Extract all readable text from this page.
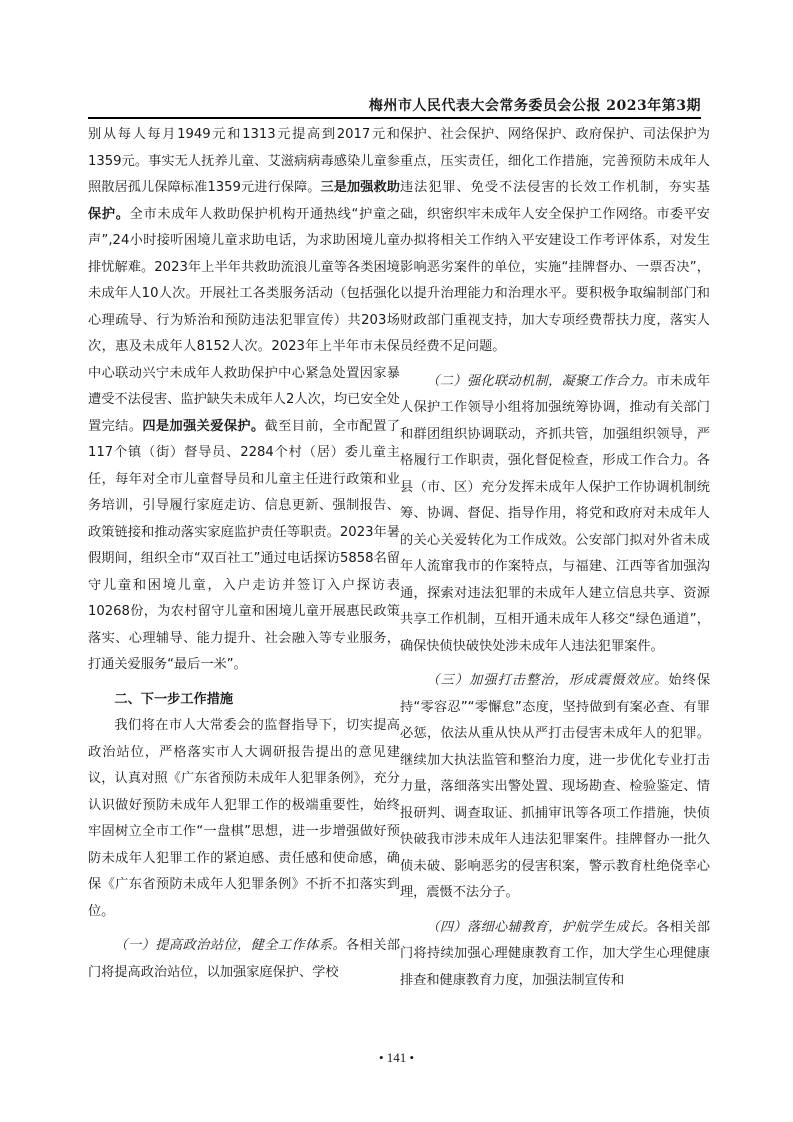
梅州市人民代表大会常务委员会公报 2023年第3期

别从每人每月1949元和1313元提高到2017元和1359元。事实无人抚养儿童、艾滋病病毒感染儿童参照散居孤儿保障标准1359元进行保障。三是加强救助保护。全市未成年人救助保护机构开通热线“护童之声”,24小时接听困境儿童求助电话，为求助困境儿童排忧解难。2023年上半年共救助流浪儿童等各类困境未成年人10人次。开展社工各类服务活动（包括强化心理疏导、行为矫治和预防违法犯罪宣传）共203场次，惠及未成年人8152人次。2023年上半年市未保中心联动兴宁未成年人救助保护中心紧急处置因家暴遭受不法侵害、监护缺失未成年人2人次，均已安全处置完结。四是加强关爱保护。截至目前，全市配置了117个镇（街）督导员、2284个村（居）委儿童主任，每年对全市儿童督导员和儿童主任进行政策和业务培训，引导履行家庭走访、信息更新、强制报告、政策链接和推动落实家庭监护责任等职责。2023年暑假期间，组织全市“双百社工”通过电话探访5858名留守儿童和困境儿童，入户走访并签订入户探访表10268份，为农村留守儿童和困境儿童开展惠民政策落实、心理辅导、能力提升、社会融入等专业服务，打通关爱服务“最后一米”。

二、下一步工作措施

我们将在市人大常委会的监督指导下，切实提高政治站位，严格落实市人大调研报告提出的意见建议，认真对照《广东省预防未成年人犯罪条例》，充分认识做好预防未成年人犯罪工作的极端重要性，始终牢固树立全市工作“一盘棋”思想，进一步增强做好预防未成年人犯罪工作的紧迫感、责任感和使命感，确保《广东省预防未成年人犯罪条例》不折不扣落实到位。

（一）提高政治站位，健全工作体系。各相关部门将提高政治站位，以加强家庭保护、学校

保护、社会保护、网络保护、政府保护、司法保护为重点，压实责任，细化工作措施，完善预防未成年人违法犯罪、免受不法侵害的长效工作机制，夯实基础，织密织牢未成年人安全保护工作网络。市委平安办拟将相关工作纳入平安建设工作考评体系，对发生影响恶劣案件的单位，实施“挂牌督办、一票否决”，以提升治理能力和治理水平。要积极争取编制部门和财政部门重视支持，加大专项经费帮扶力度，落实人员经费不足问题。

（二）强化联动机制，凝聚工作合力。市未成年人保护工作领导小组将加强统筹协调，推动有关部门和群团组织协调联动，齐抓共管，加强组织领导，严格履行工作职责，强化督促检查，形成工作合力。各县（市、区）充分发挥未成年人保护工作协调机制统筹、协调、督促、指导作用，将党和政府对未成年人的关心关爱转化为工作成效。公安部门拟对外省未成年人流窜我市的作案特点，与福建、江西等省加强沟通，探索对违法犯罪的未成年人建立信息共享、资源共享工作机制，互相开通未成年人移交“绿色通道”，确保快侦快破快处涉未成年人违法犯罪案件。

（三）加强打击整治，形成震慑效应。始终保持“零容忍”“零懈怠”态度，坚持做到有案必查、有罪必惩，依法从重从快从严打击侵害未成年人的犯罪。继续加大执法监管和整治力度，进一步优化专业打击力量，落细落实出警处置、现场勘查、检验鉴定、情报研判、调查取证、抓捕审讯等各项工作措施，快侦快破我市涉未成年人违法犯罪案件。挂牌督办一批久侦未破、影响恶劣的侵害积案，警示教育杜绝侥幸心理，震慑不法分子。

（四）落细心辅教育，护航学生成长。各相关部门将持续加强心理健康教育工作，加大学生心理健康排查和健康教育力度，加强法制宣传和

• 141 •
